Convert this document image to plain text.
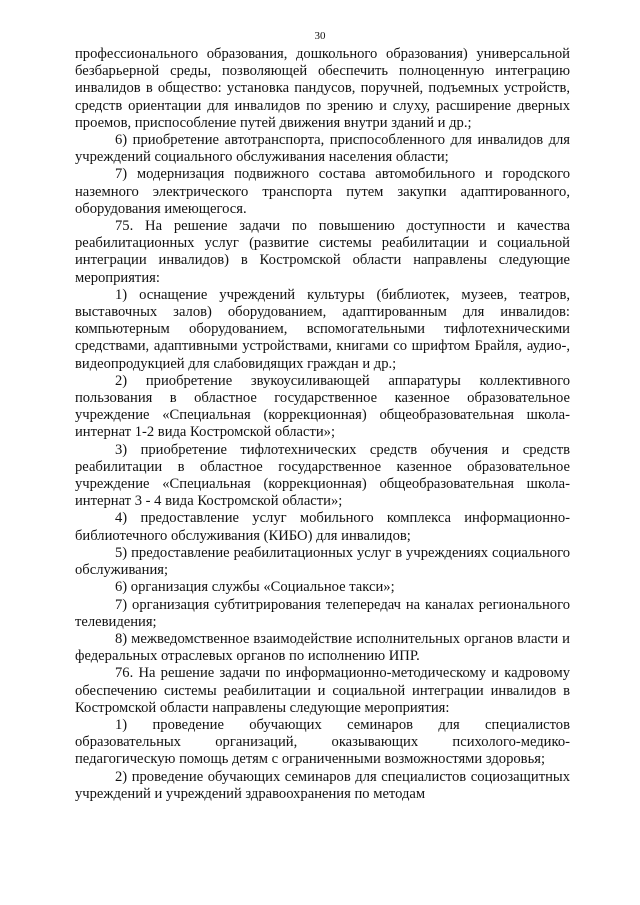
30

профессионального образования, дошкольного образования) универсальной безбарьерной среды, позволяющей обеспечить полноценную интеграцию инвалидов в общество: установка пандусов, поручней, подъемных устройств, средств ориентации для инвалидов по зрению и слуху, расширение дверных проемов, приспособление путей движения внутри зданий и др.;

6) приобретение автотранспорта, приспособленного для инвалидов для учреждений социального обслуживания населения области;

7) модернизация подвижного состава автомобильного и городского наземного электрического транспорта путем закупки адаптированного, оборудования имеющегося.

75. На решение задачи по повышению доступности и качества реабилитационных услуг (развитие системы реабилитации и социальной интеграции инвалидов) в Костромской области направлены следующие мероприятия:

1) оснащение учреждений культуры (библиотек, музеев, театров, выставочных залов) оборудованием, адаптированным для инвалидов: компьютерным оборудованием, вспомогательными тифлотехническими средствами, адаптивными устройствами, книгами со шрифтом Брайля, аудио-, видеопродукцией для слабовидящих граждан и др.;

2) приобретение звукоусиливающей аппаратуры коллективного пользования в областное государственное казенное образовательное учреждение «Специальная (коррекционная) общеобразовательная школа-интернат 1-2 вида Костромской области»;

3) приобретение тифлотехнических средств обучения и средств реабилитации в областное государственное казенное образовательное учреждение «Специальная (коррекционная) общеобразовательная школа-интернат 3 - 4 вида Костромской области»;

4) предоставление услуг мобильного комплекса информационно-библиотечного обслуживания (КИБО) для инвалидов;

5) предоставление реабилитационных услуг в учреждениях социального обслуживания;

6) организация службы «Социальное такси»;

7) организация субтитрирования телепередач на каналах регионального телевидения;

8) межведомственное взаимодействие исполнительных органов власти и федеральных отраслевых органов по исполнению ИПР.

76. На решение задачи по информационно-методическому и кадровому обеспечению системы реабилитации и социальной интеграции инвалидов в Костромской области направлены следующие мероприятия:

1) проведение обучающих семинаров для специалистов образовательных организаций, оказывающих психолого-медико-педагогическую помощь детям с ограниченными возможностями здоровья;

2) проведение обучающих семинаров для специалистов социозащитных учреждений и учреждений здравоохранения по методам
